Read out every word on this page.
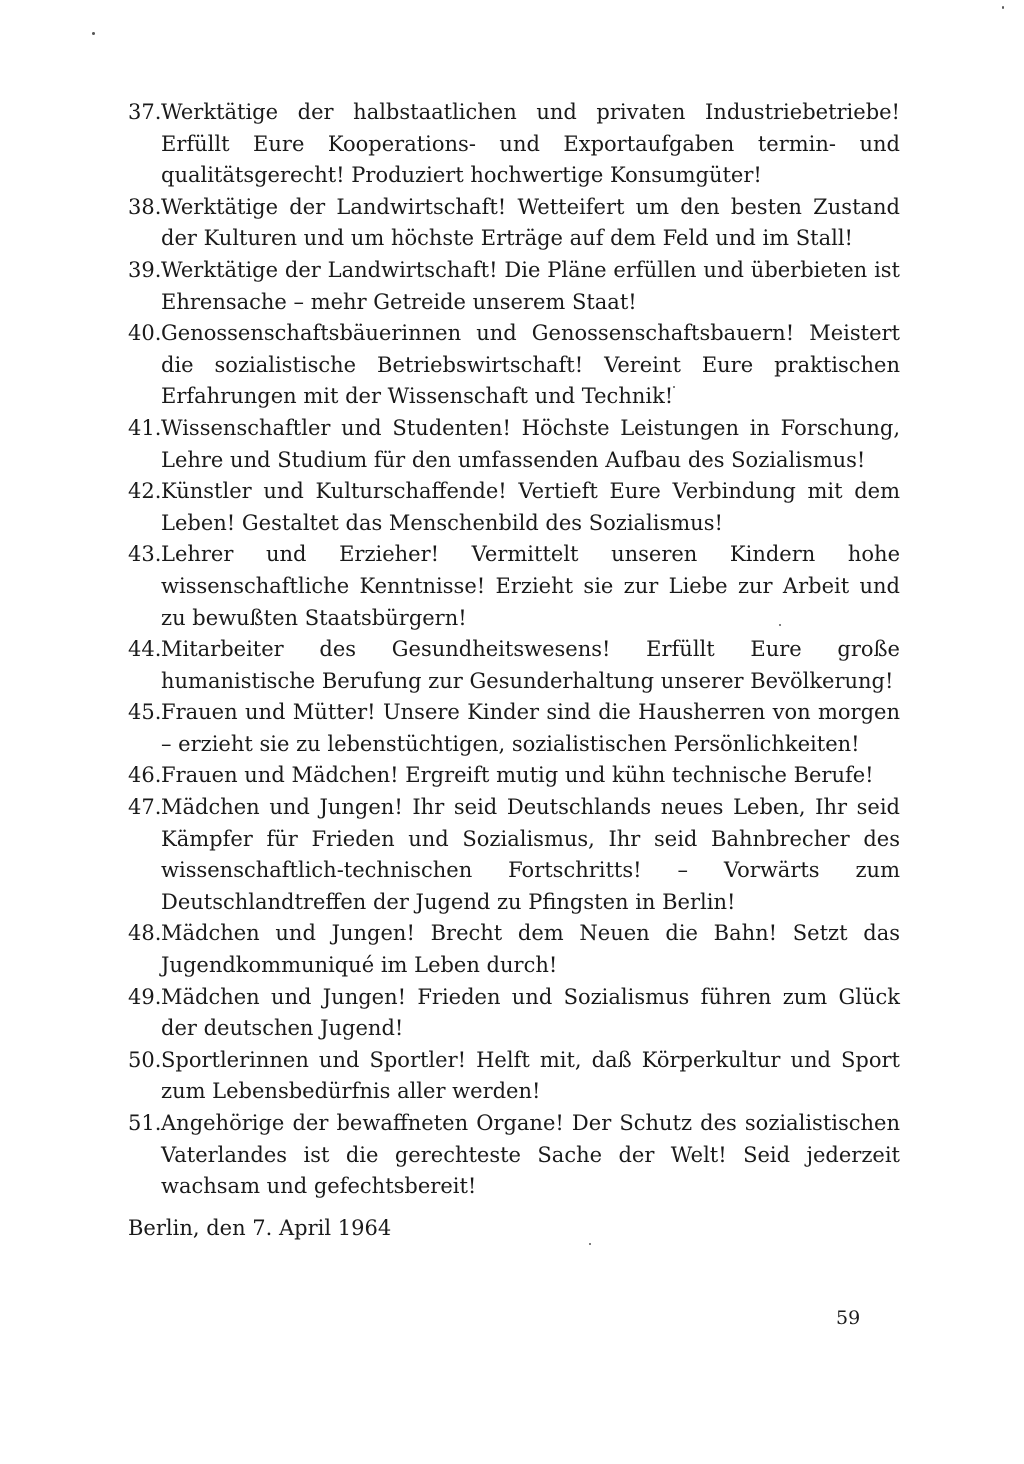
37. Werktätige der halbstaatlichen und privaten Industriebetriebe! Erfüllt Eure Kooperations- und Exportaufgaben termin- und qualitätsgerecht! Produziert hochwertige Konsumgüter!
38. Werktätige der Landwirtschaft! Wetteifert um den besten Zustand der Kulturen und um höchste Erträge auf dem Feld und im Stall!
39. Werktätige der Landwirtschaft! Die Pläne erfüllen und überbieten ist Ehrensache – mehr Getreide unserem Staat!
40. Genossenschaftsbäuerinnen und Genossenschaftsbauern! Meistert die sozialistische Betriebswirtschaft! Vereint Eure praktischen Erfahrungen mit der Wissenschaft und Technik!
41. Wissenschaftler und Studenten! Höchste Leistungen in Forschung, Lehre und Studium für den umfassenden Aufbau des Sozialismus!
42. Künstler und Kulturschaffende! Vertieft Eure Verbindung mit dem Leben! Gestaltet das Menschenbild des Sozialismus!
43. Lehrer und Erzieher! Vermittelt unseren Kindern hohe wissenschaftliche Kenntnisse! Erzieht sie zur Liebe zur Arbeit und zu bewußten Staatsbürgern!
44. Mitarbeiter des Gesundheitswesens! Erfüllt Eure große humanistische Berufung zur Gesunderhaltung unserer Bevölkerung!
45. Frauen und Mütter! Unsere Kinder sind die Hausherren von morgen – erzieht sie zu lebenstüchtigen, sozialistischen Persönlichkeiten!
46. Frauen und Mädchen! Ergreift mutig und kühn technische Berufe!
47. Mädchen und Jungen! Ihr seid Deutschlands neues Leben, Ihr seid Kämpfer für Frieden und Sozialismus, Ihr seid Bahnbrecher des wissenschaftlich-technischen Fortschritts! – Vorwärts zum Deutschlandtreffen der Jugend zu Pfingsten in Berlin!
48. Mädchen und Jungen! Brecht dem Neuen die Bahn! Setzt das Jugendkommuniqué im Leben durch!
49. Mädchen und Jungen! Frieden und Sozialismus führen zum Glück der deutschen Jugend!
50. Sportlerinnen und Sportler! Helft mit, daß Körperkultur und Sport zum Lebensbedürfnis aller werden!
51. Angehörige der bewaffneten Organe! Der Schutz des sozialistischen Vaterlandes ist die gerechteste Sache der Welt! Seid jederzeit wachsam und gefechtsbereit!
Berlin, den 7. April 1964
59
